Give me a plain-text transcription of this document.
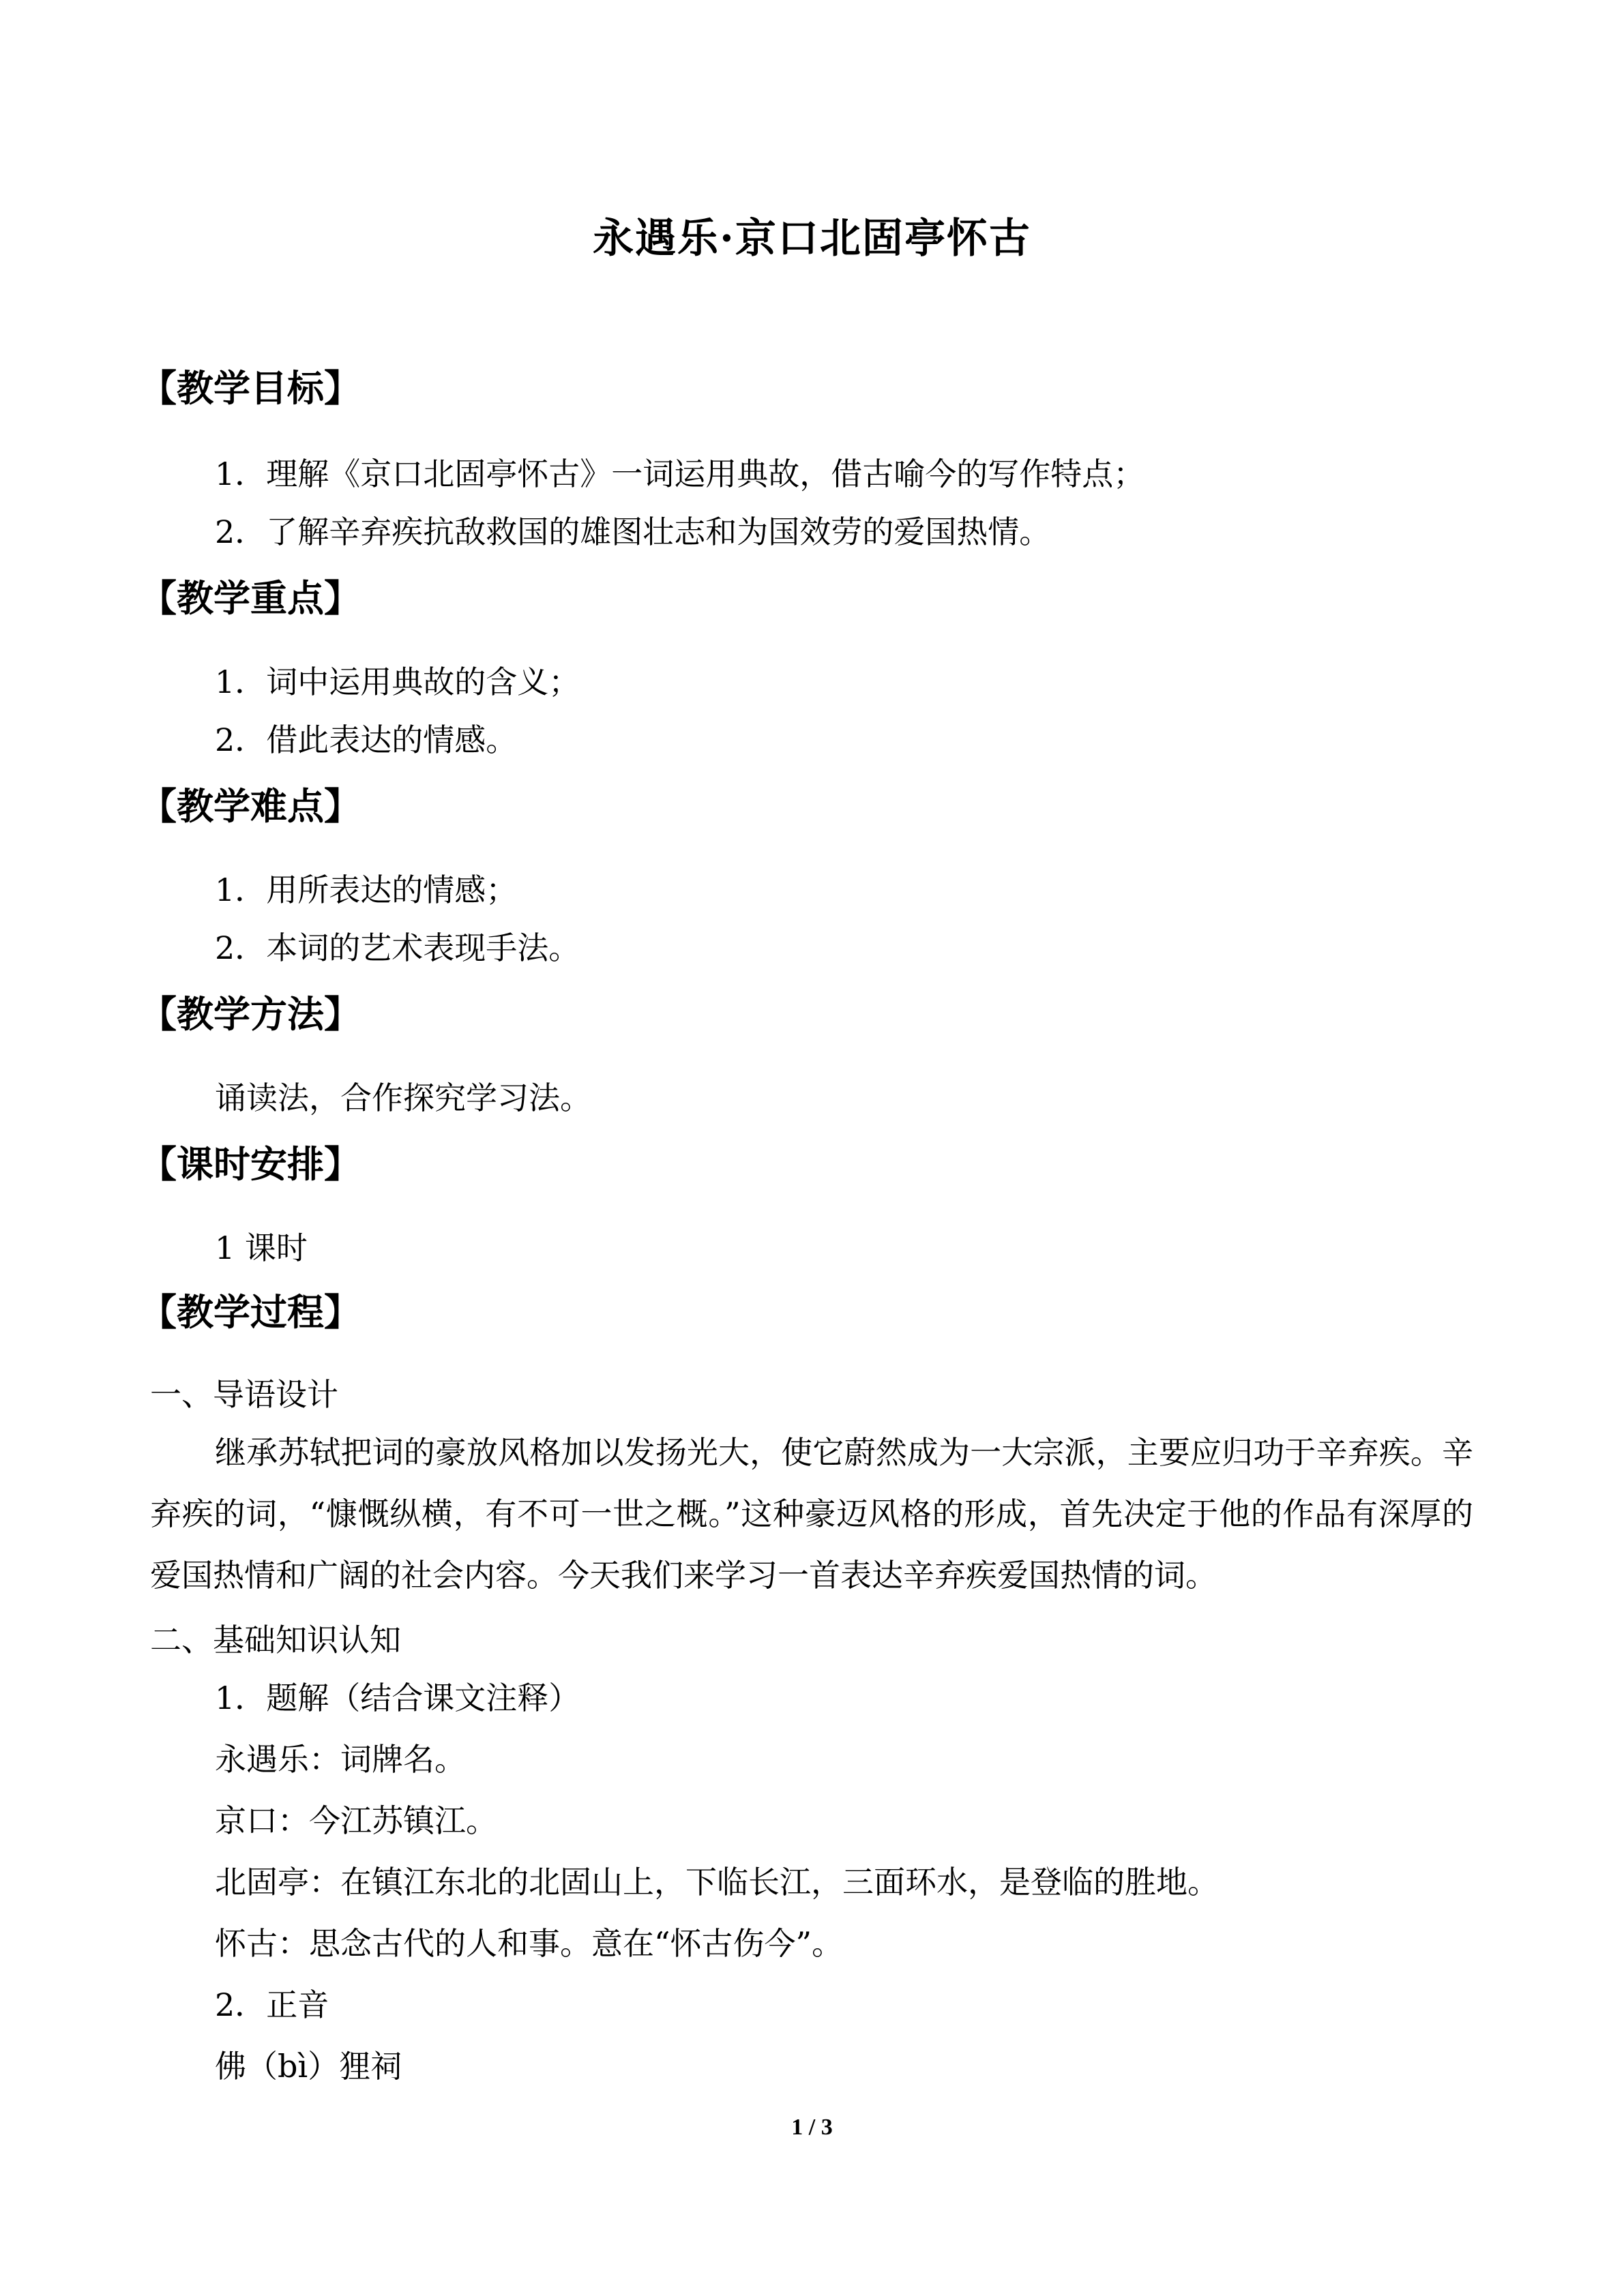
永遇乐·京口北固亭怀古
【教学目标】
1．理解《京口北固亭怀古》一词运用典故，借古喻今的写作特点；
2．了解辛弃疾抗敌救国的雄图壮志和为国效劳的爱国热情。
【教学重点】
1．词中运用典故的含义；
2．借此表达的情感。
【教学难点】
1．用所表达的情感；
2．本词的艺术表现手法。
【教学方法】
诵读法，合作探究学习法。
【课时安排】
1 课时
【教学过程】
一、导语设计
继承苏轼把词的豪放风格加以发扬光大，使它蔚然成为一大宗派，主要应归功于辛弃疾。辛弃疾的词，“慷慨纵横，有不可一世之概。”这种豪迈风格的形成，首先决定于他的作品有深厚的爱国热情和广阔的社会内容。今天我们来学习一首表达辛弃疾爱国热情的词。
二、基础知识认知
1．题解（结合课文注释）
永遇乐：词牌名。
京口：今江苏镇江。
北固亭：在镇江东北的北固山上，下临长江，三面环水，是登临的胜地。
怀古：思念古代的人和事。意在“怀古伤今”。
2．正音
佛（bì）狸祠
1 / 3
